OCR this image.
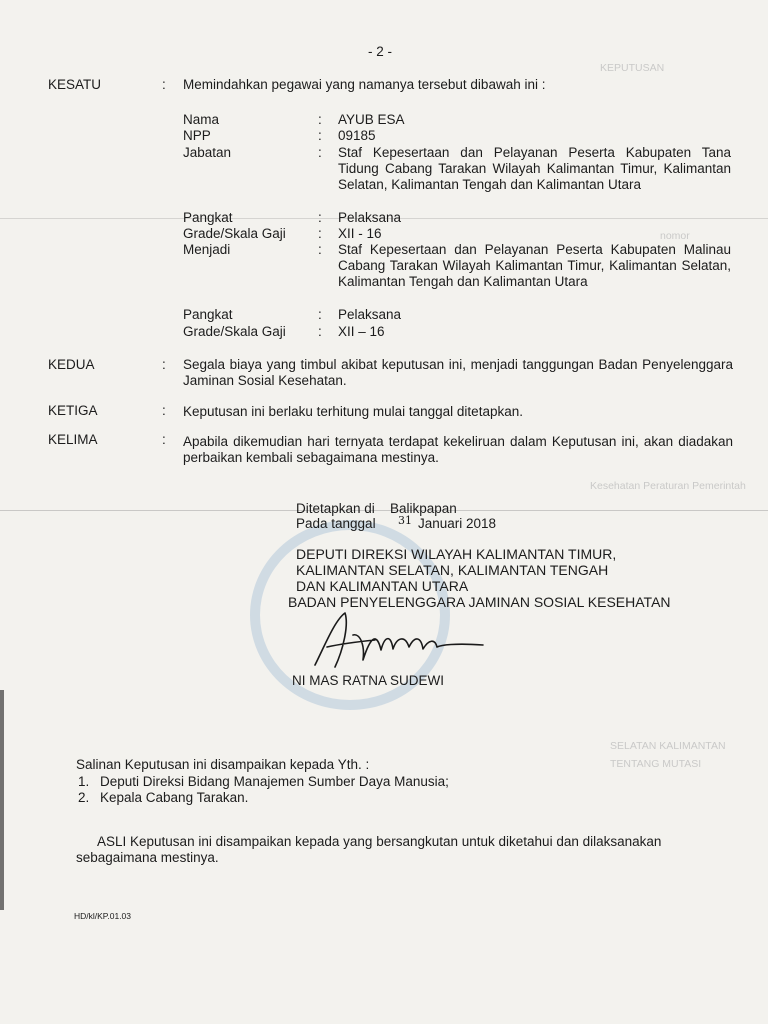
KEPUTUSAN
nomor
Kesehatan Peraturan Pemerintah
SELATAN KALIMANTAN
TENTANG MUTASI
- 2 -
KESATU	: Memindahkan pegawai yang namanya tersebut dibawah ini :
Nama	: AYUB ESA
NPP	: 09185
Jabatan	: Staf Kepesertaan dan Pelayanan Peserta Kabupaten Tana Tidung Cabang Tarakan Wilayah Kalimantan Timur, Kalimantan Selatan, Kalimantan Tengah dan Kalimantan Utara
Pangkat	: Pelaksana
Grade/Skala Gaji : XII - 16
Menjadi	: Staf Kepesertaan dan Pelayanan Peserta Kabupaten Malinau Cabang Tarakan Wilayah Kalimantan Timur, Kalimantan Selatan, Kalimantan Tengah dan Kalimantan Utara
Pangkat	: Pelaksana
Grade/Skala Gaji : XII – 16
KEDUA	: Segala biaya yang timbul akibat keputusan ini, menjadi tanggungan Badan Penyelenggara Jaminan Sosial Kesehatan.
KETIGA	: Keputusan ini berlaku terhitung mulai tanggal ditetapkan.
KELIMA	: Apabila dikemudian hari ternyata terdapat kekeliruan dalam Keputusan ini, akan diadakan perbaikan kembali sebagaimana mestinya.
Ditetapkan di Balikpapan
Pada tanggal 31 Januari 2018
DEPUTI DIREKSI WILAYAH KALIMANTAN TIMUR,
KALIMANTAN SELATAN, KALIMANTAN TENGAH
DAN KALIMANTAN UTARA
BADAN PENYELENGGARA JAMINAN SOSIAL KESEHATAN
NI MAS RATNA SUDEWI
Salinan Keputusan ini disampaikan kepada Yth. :
1. Deputi Direksi Bidang Manajemen Sumber Daya Manusia;
2. Kepala Cabang Tarakan.
ASLI Keputusan ini disampaikan kepada yang bersangkutan untuk diketahui dan dilaksanakan sebagaimana mestinya.
HD/kl/KP.01.03
